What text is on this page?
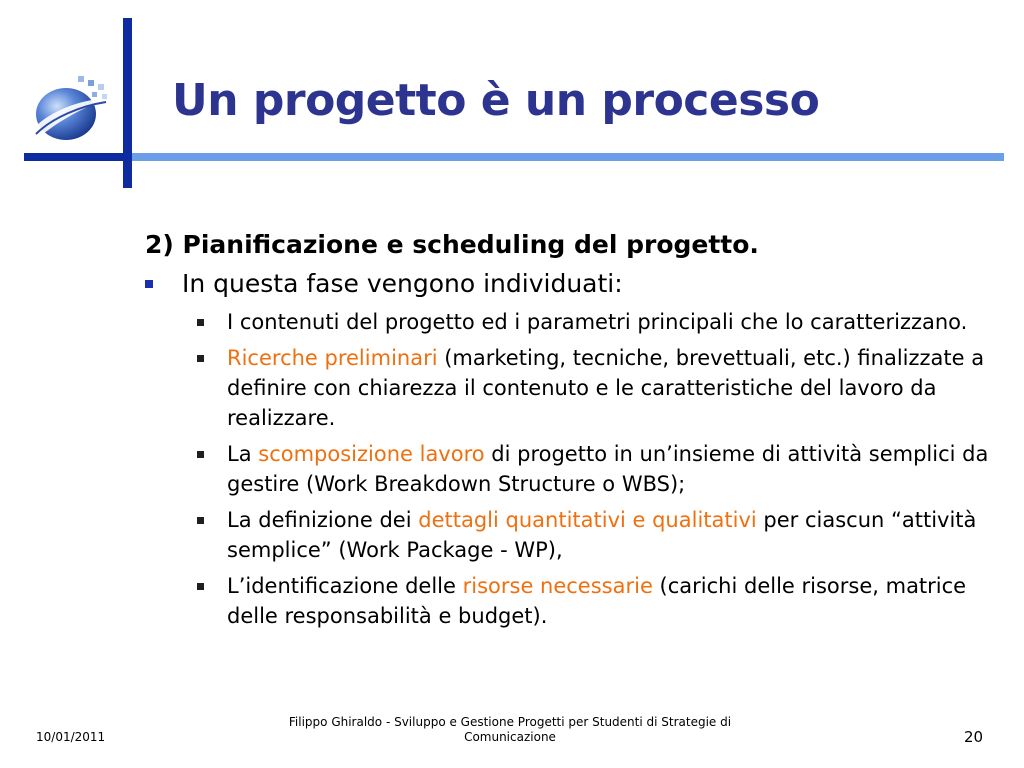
Un progetto è un processo
2) Pianificazione e scheduling del progetto.
In questa fase vengono individuati:
I contenuti del progetto ed i parametri principali che lo caratterizzano.
Ricerche preliminari (marketing, tecniche, brevettuali, etc.) finalizzate a definire con chiarezza il contenuto e le caratteristiche del lavoro da realizzare.
La scomposizione lavoro di progetto in un’insieme di attività semplici da gestire (Work Breakdown Structure o WBS);
La definizione dei dettagli quantitativi e qualitativi per ciascun “attività semplice” (Work Package - WP),
L’identificazione delle risorse necessarie (carichi delle risorse, matrice delle responsabilità e budget).
10/01/2011
Filippo Ghiraldo - Sviluppo e Gestione Progetti per Studenti di Strategie di Comunicazione	20
